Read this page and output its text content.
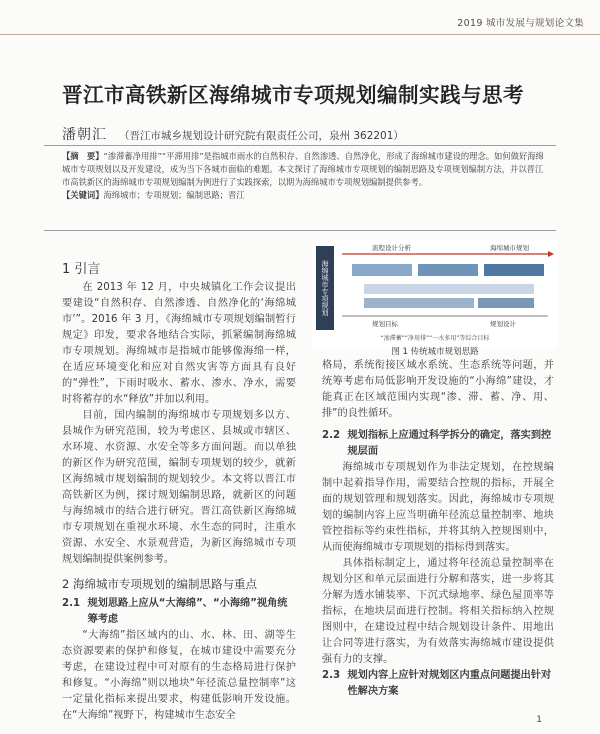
2019 城市发展与规划论文集
晋江市高铁新区海绵城市专项规划编制实践与思考
潘朝汇 （晋江市城乡规划设计研究院有限责任公司，泉州 362201）

【摘　要】“渗滞蓄净用排”“平滞用排”是指城市雨水的自然积存、自然渗透、自然净化，形成了海绵城市建设的理念。如何做好海绵城市专项规划以及开发建设，成为当下各城市面临的难题。本文探讨了海绵城市专项规划的编制思路及专项规划编制方法，并以晋江市高铁新区的海绵城市专项规划编制为例进行了实践探索，以期为海绵城市专项规划编制提供参考。

【关键词】海绵城市；专项规划；编制思路；晋江

1 引言

在 2013 年 12 月，中央城镇化工作会议提出要建设“自然积存、自然渗透、自然净化的‘海绵城市’”。2016 年 3 月，《海绵城市专项规划编制暂行规定》印发，要求各地结合实际，抓紧编制海绵城市专项规划。海绵城市是指城市能够像海绵一样，在适应环境变化和应对自然灾害等方面具有良好的“弹性”，下雨时吸水、蓄水、渗水、净水，需要时将蓄存的水“释放”并加以利用。

目前，国内编制的海绵城市专项规划多以方、县城作为研究范围，较为考虑区、县城或市辖区、水环境、水资源、水安全等多方面问题。而以单独的新区作为研究范围，编制专项规划的较少，就新区海绵城市规划编制的规划较少。本文将以晋江市高铁新区为例，探讨规划编制思路，就新区的问题与海绵城市的结合进行研究。晋江高铁新区海绵城市专项规划在重视水环境、水生态的同时，注重水资源、水安全、水景观营造，为新区海绵城市专项规划编制提供案例参考。

2 海绵城市专项规划的编制思路与重点

2.1 规划思路上应从“大海绵”、“小海绵”视角统筹考虑

“大海绵”指区域内的山、水、林、田、湖等生态资源要素的保护和修复，在城市建设中需要充分考虑，在建设过程中可对原有的生态格局进行保护和修复。“小海绵”则以地块“年径流总量控制率”这一定量化指标来提出要求，构建低影响开发设施。在“大海绵”视野下，构建城市生态安全

海绵城市专项规划
流程设计分析	海绵城市规划
规划目标	规划设计
“渗滞蓄”“净用排”“一水多用”等综合目标
图 1 传统城市规划思路

格局，系统衔接区域水系统、生态系统等问题，并统筹考虑布局低影响开发设施的“小海绵”建设，才能真正在区域范围内实现“渗、滞、蓄、净、用、排”的良性循环。

2.2 规划指标上应通过科学拆分的确定，落实到控规层面

海绵城市专项规划作为非法定规划，在控规编制中起着指导作用，需要结合控规的指标，开展全面的规划管理和规划落实。因此，海绵城市专项规划的编制内容上应当明确年径流总量控制率、地块管控指标等约束性指标，并将其纳入控规图则中，从而使海绵城市专项规划的指标得到落实。

具体指标制定上，通过将年径流总量控制率在规划分区和单元层面进行分解和落实，进一步将其分解为透水铺装率、下沉式绿地率、绿色屋顶率等指标，在地块层面进行控制。将相关指标纳入控规图则中，在建设过程中结合规划设计条件、用地出让合同等进行落实，为有效落实海绵城市建设提供强有力的支撑。

2.3 规划内容上应针对规划区内重点问题提出针对性解决方案

1
